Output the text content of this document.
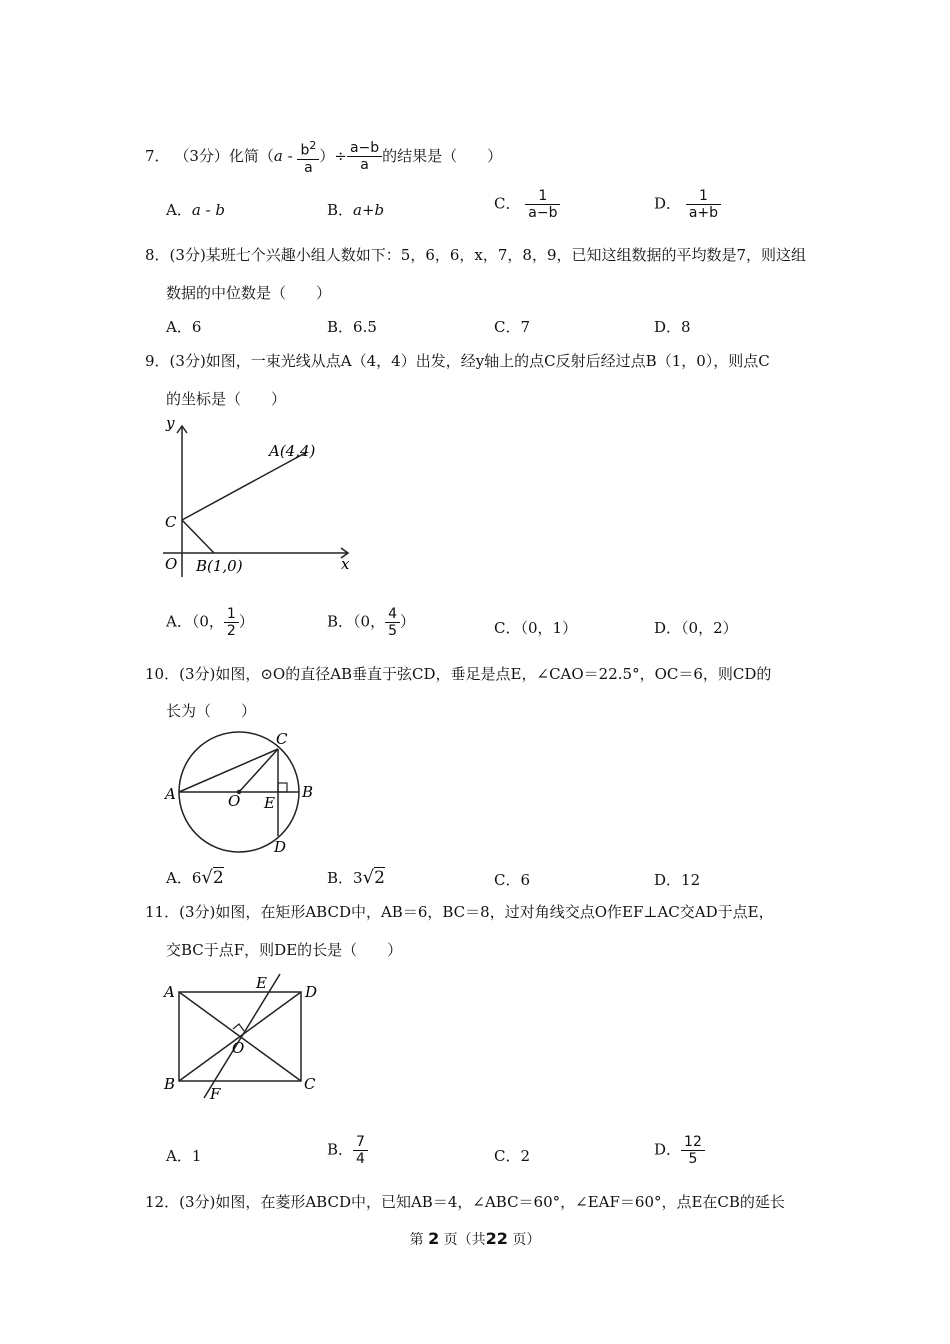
7． （3分）化简（$a - \frac{b^2}{a}$ ）÷ $\frac{a-b}{a}$ 的结果是（　　）
A．a - b	B．a+b	C． $\frac{1}{a-b}$	D． $\frac{1}{a+b}$
8．(3分)某班七个兴趣小组人数如下：5，6，6，x，7，8，9，已知这组数据的平均数是7，则这组
数据的中位数是（　　）
A．6	B．6.5	C．7	D．8
9．(3分)如图，一束光线从点A（4，4）出发，经y轴上的点C反射后经过点B（1，0），则点C
的坐标是（　　）
y
x
O
C
A(4,4)
B(1,0)
A．（0， $\frac{1}{2}$ ）	B．（0， $\frac{4}{5}$ ）	C．（0，1）	D．（0，2）
10．(3分)如图，⊙O的直径AB垂直于弦CD，垂足是点E，∠CAO＝22.5°，OC＝6，则CD的
长为（　　）
A	B
C
D
O E
A．6√2	B．3√2	C．6	D．12
11．(3分)如图，在矩形ABCD中，AB＝6，BC＝8，过对角线交点O作EF⊥AC交AD于点E，
交BC于点F，则DE的长是（　　）
A
B	C
D
E
F
O
A．1	B． $\frac{7}{4}$	C．2	D． $\frac{12}{5}$
12．(3分)如图，在菱形ABCD中，已知AB＝4，∠ABC＝60°，∠EAF＝60°，点E在CB的延长
第 2 页（共22 页）
